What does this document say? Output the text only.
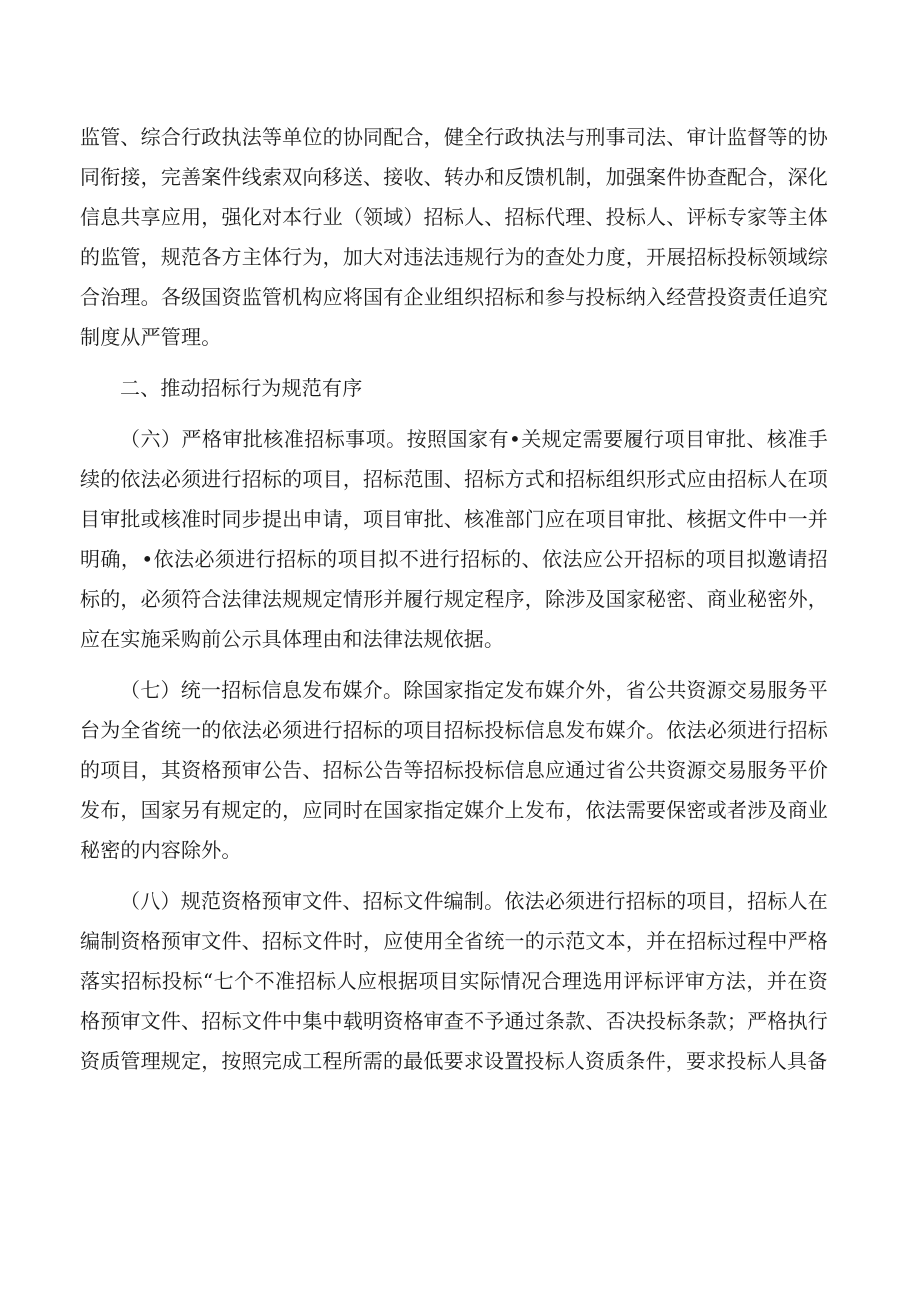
监管、综合行政执法等单位的协同配合，健全行政执法与刑事司法、审计监督等的协同衔接，完善案件线索双向移送、接收、转办和反馈机制，加强案件协查配合，深化信息共享应用，强化对本行业（领域）招标人、招标代理、投标人、评标专家等主体的监管，规范各方主体行为，加大对违法违规行为的查处力度，开展招标投标领域综合治理。各级国资监管机构应将国有企业组织招标和参与投标纳入经营投资责任追究制度从严管理。

二、推动招标行为规范有序

（六）严格审批核准招标事项。按照国家有•关规定需要履行项目审批、核准手续的依法必须进行招标的项目，招标范围、招标方式和招标组织形式应由招标人在项目审批或核准时同步提出申请，项目审批、核准部门应在项目审批、核据文件中一并明确，•依法必须进行招标的项目拟不进行招标的、依法应公开招标的项目拟邀请招标的，必须符合法律法规规定情形并履行规定程序，除涉及国家秘密、商业秘密外，应在实施采购前公示具体理由和法律法规依据。

（七）统一招标信息发布媒介。除国家指定发布媒介外，省公共资源交易服务平台为全省统一的依法必须进行招标的项目招标投标信息发布媒介。依法必须进行招标的项目，其资格预审公告、招标公告等招标投标信息应通过省公共资源交易服务平价发布，国家另有规定的，应同时在国家指定媒介上发布，依法需要保密或者涉及商业秘密的内容除外。

（八）规范资格预审文件、招标文件编制。依法必须进行招标的项目，招标人在编制资格预审文件、招标文件时，应使用全省统一的示范文本，并在招标过程中严格落实招标投标“七个不准招标人应根据项目实际情况合理选用评标评审方法，并在资格预审文件、招标文件中集中载明资格审查不予通过条款、否决投标条款；严格执行资质管理规定，按照完成工程所需的最低要求设置投标人资质条件，要求投标人具备
